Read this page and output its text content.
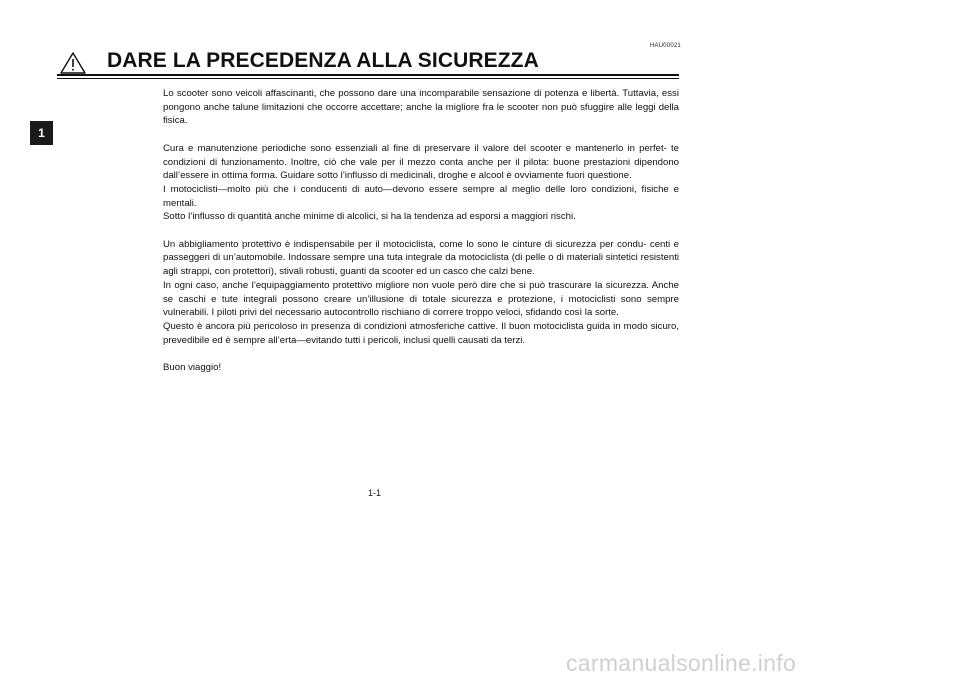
HAU00021
DARE LA PRECEDENZA ALLA SICUREZZA
1

Lo scooter sono veicoli affascinanti, che possono dare una incomparabile sensazione di potenza e libertà. Tuttavia, essi pongono anche talune limitazioni che occorre accettare; anche la migliore fra le scooter non può sfuggire alle leggi della fisica.

Cura e manutenzione periodiche sono essenziali al fine di preservare il valore del scooter e mantenerlo in perfet- te condizioni di funzionamento. Inoltre, ciò che vale per il mezzo conta anche per il pilota: buone prestazioni dipendono dall’essere in ottima forma. Guidare sotto l’influsso di medicinali, droghe e alcool è ovviamente fuori questione.
I motociclisti—molto più che i conducenti di auto—devono essere sempre al meglio delle loro condizioni, fisiche e mentali.
Sotto l’influsso di quantità anche minime di alcolici, si ha la tendenza ad esporsi a maggiori rischi.

Un abbigliamento protettivo è indispensabile per il motociclista, come lo sono le cinture di sicurezza per condu- centi e passeggeri di un’automobile. Indossare sempre una tuta integrale da motociclista (di pelle o di materiali sintetici resistenti agli strappi, con protettori), stivali robusti, guanti da scooter ed un casco che calzi bene.
In ogni caso, anche l’equipaggiamento protettivo migliore non vuole però dire che si può trascurare la sicurezza. Anche se caschi e tute integrali possono creare un’illusione di totale sicurezza e protezione, i motociclisti sono sempre vulnerabili. I piloti privi del necessario autocontrollo rischiano di correre troppo veloci, sfidando così la sorte.
Questo è ancora più pericoloso in presenza di condizioni atmosferiche cattive. Il buon motociclista guida in modo sicuro, prevedibile ed è sempre all’erta—evitando tutti i pericoli, inclusi quelli causati da terzi.

Buon viaggio!

1-1
carmanualsonline.info
